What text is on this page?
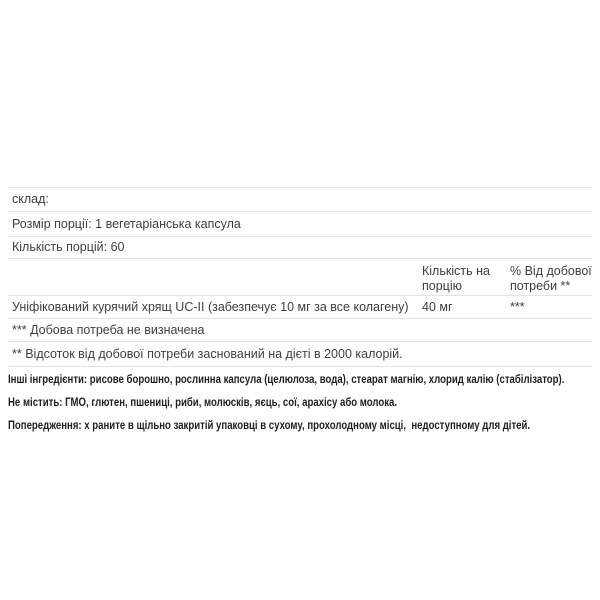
склад:
Розмір порції: 1 вегетаріанська капсула
Кількість порцій: 60
Кількість на порцію
% Від добової потреби **
Уніфікований курячий хрящ UC-II (забезпечує 10 мг за все колагену) 40 мг	***
*** Добова потреба не визначена
** Відсоток від добової потреби заснований на дієті в 2000 калорій.
Інші інгредієнти: рисове борошно, рослинна капсула (целюлоза, вода), стеарат магнію, хлорид калію (стабілізатор).
Не містить: ГМО, глютен, пшениці, риби, молюсків, яєць, сої, арахісу або молока.
Попередження: х раните в щільно закритій упаковці в сухому, прохолодному місці,  недоступному для дітей.
